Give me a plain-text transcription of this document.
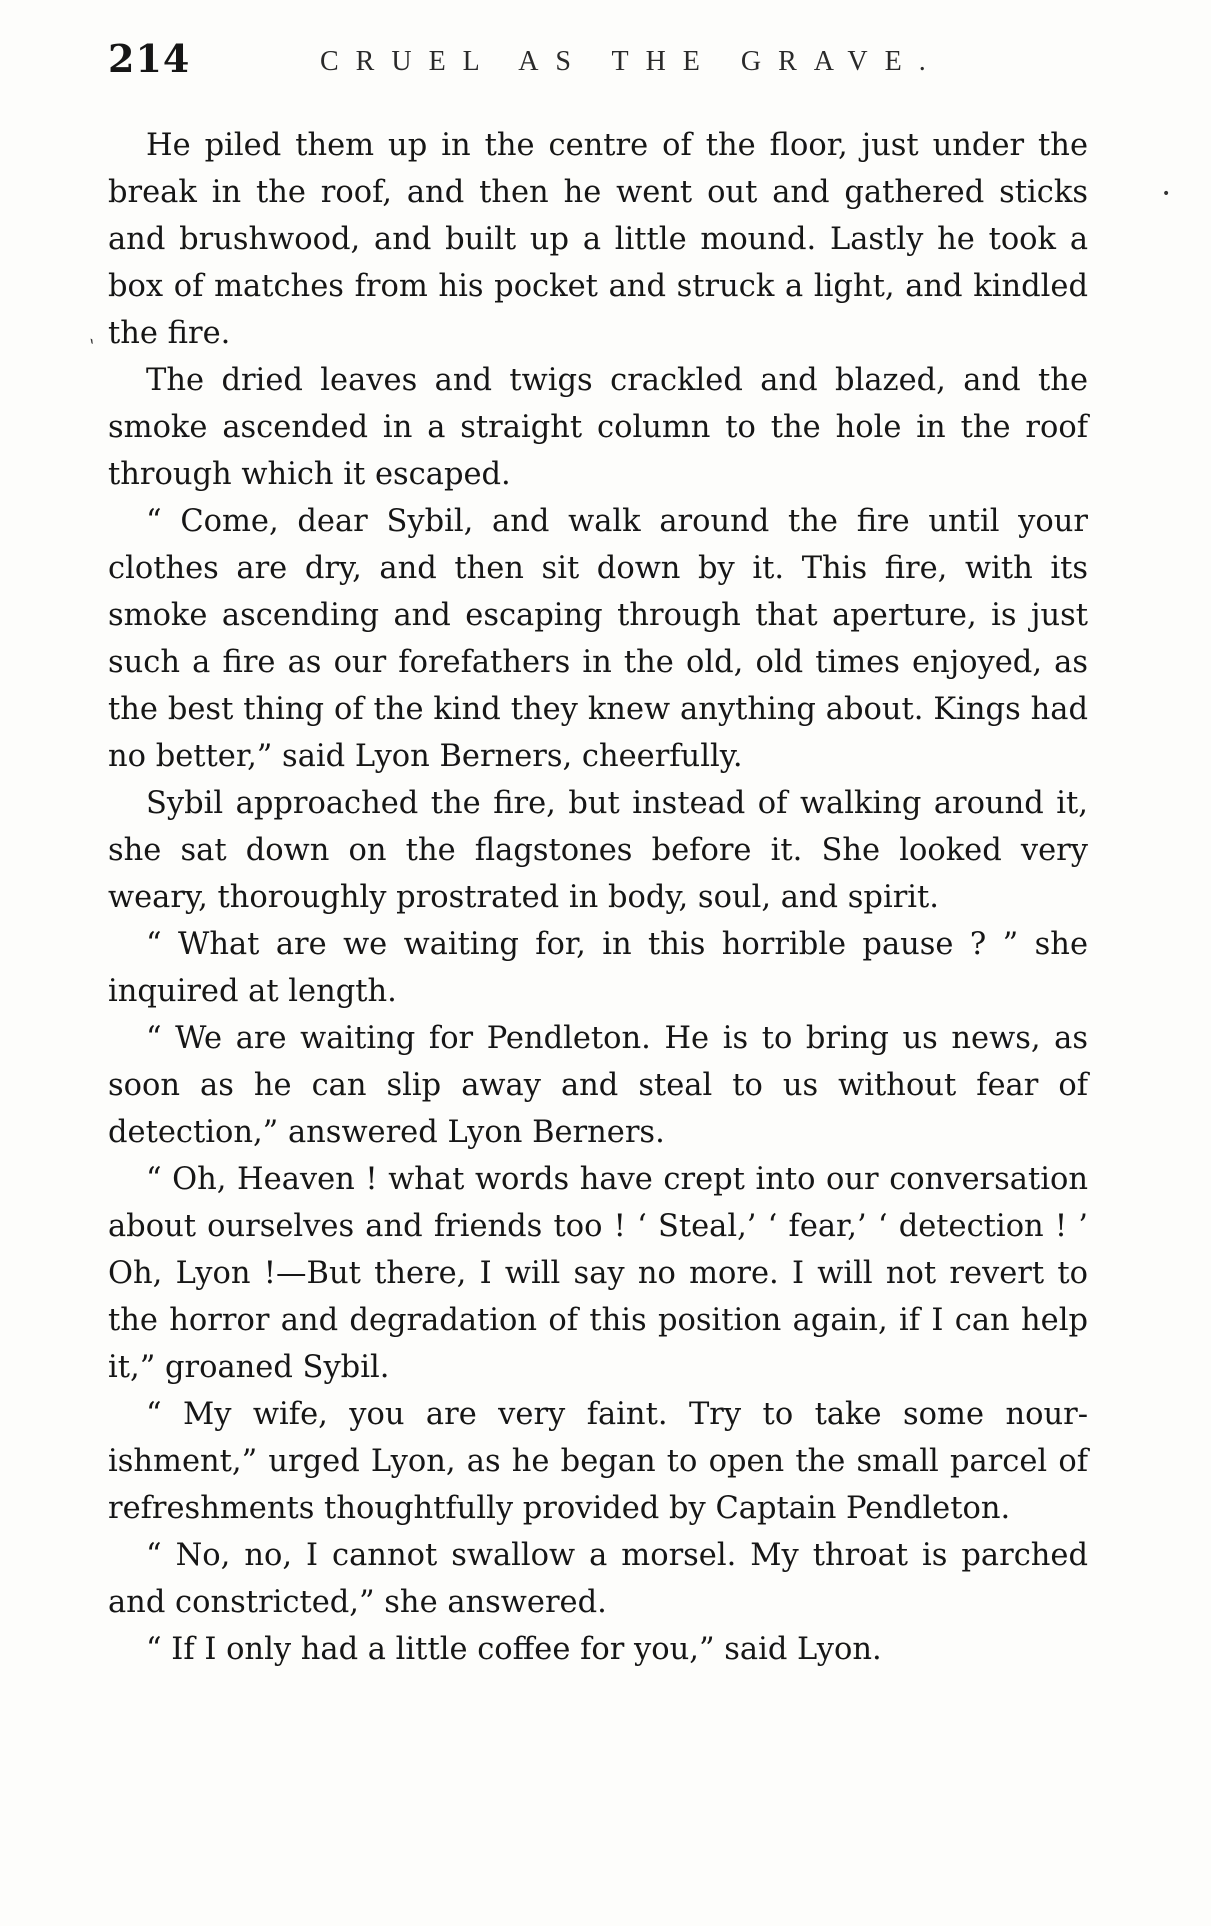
214	CRUEL AS THE GRAVE.

He piled them up in the centre of the floor, just under the break in the roof, and then he went out and gathered sticks and brushwood, and built up a little mound. Lastly he took a box of matches from his pocket and struck a light, and kindled the fire.

The dried leaves and twigs crackled and blazed, and the smoke ascended in a straight column to the hole in the roof through which it escaped.

“ Come, dear Sybil, and walk around the fire until your clothes are dry, and then sit down by it. This fire, with its smoke ascending and escaping through that aperture, is just such a fire as our forefathers in the old, old times enjoyed, as the best thing of the kind they knew anything about. Kings had no better,” said Lyon Berners, cheerfully.

Sybil approached the fire, but instead of walking around it, she sat down on the flagstones before it. She looked very weary, thoroughly prostrated in body, soul, and spirit.

“ What are we waiting for, in this horrible pause ? ” she inquired at length.

“ We are waiting for Pendleton. He is to bring us news, as soon as he can slip away and steal to us without fear of detection,” answered Lyon Berners.

“ Oh, Heaven ! what words have crept into our conversation about ourselves and friends too ! ‘ Steal,’ ‘ fear,’ ‘ detection ! ’ Oh, Lyon !—But there, I will say no more. I will not revert to the horror and degradation of this position again, if I can help it,” groaned Sybil.

“ My wife, you are very faint. Try to take some nourishment,” urged Lyon, as he began to open the small parcel of refreshments thoughtfully provided by Captain Pendleton.

“ No, no, I cannot swallow a morsel. My throat is parched and constricted,” she answered.

“ If I only had a little coffee for you,” said Lyon.

•
`
